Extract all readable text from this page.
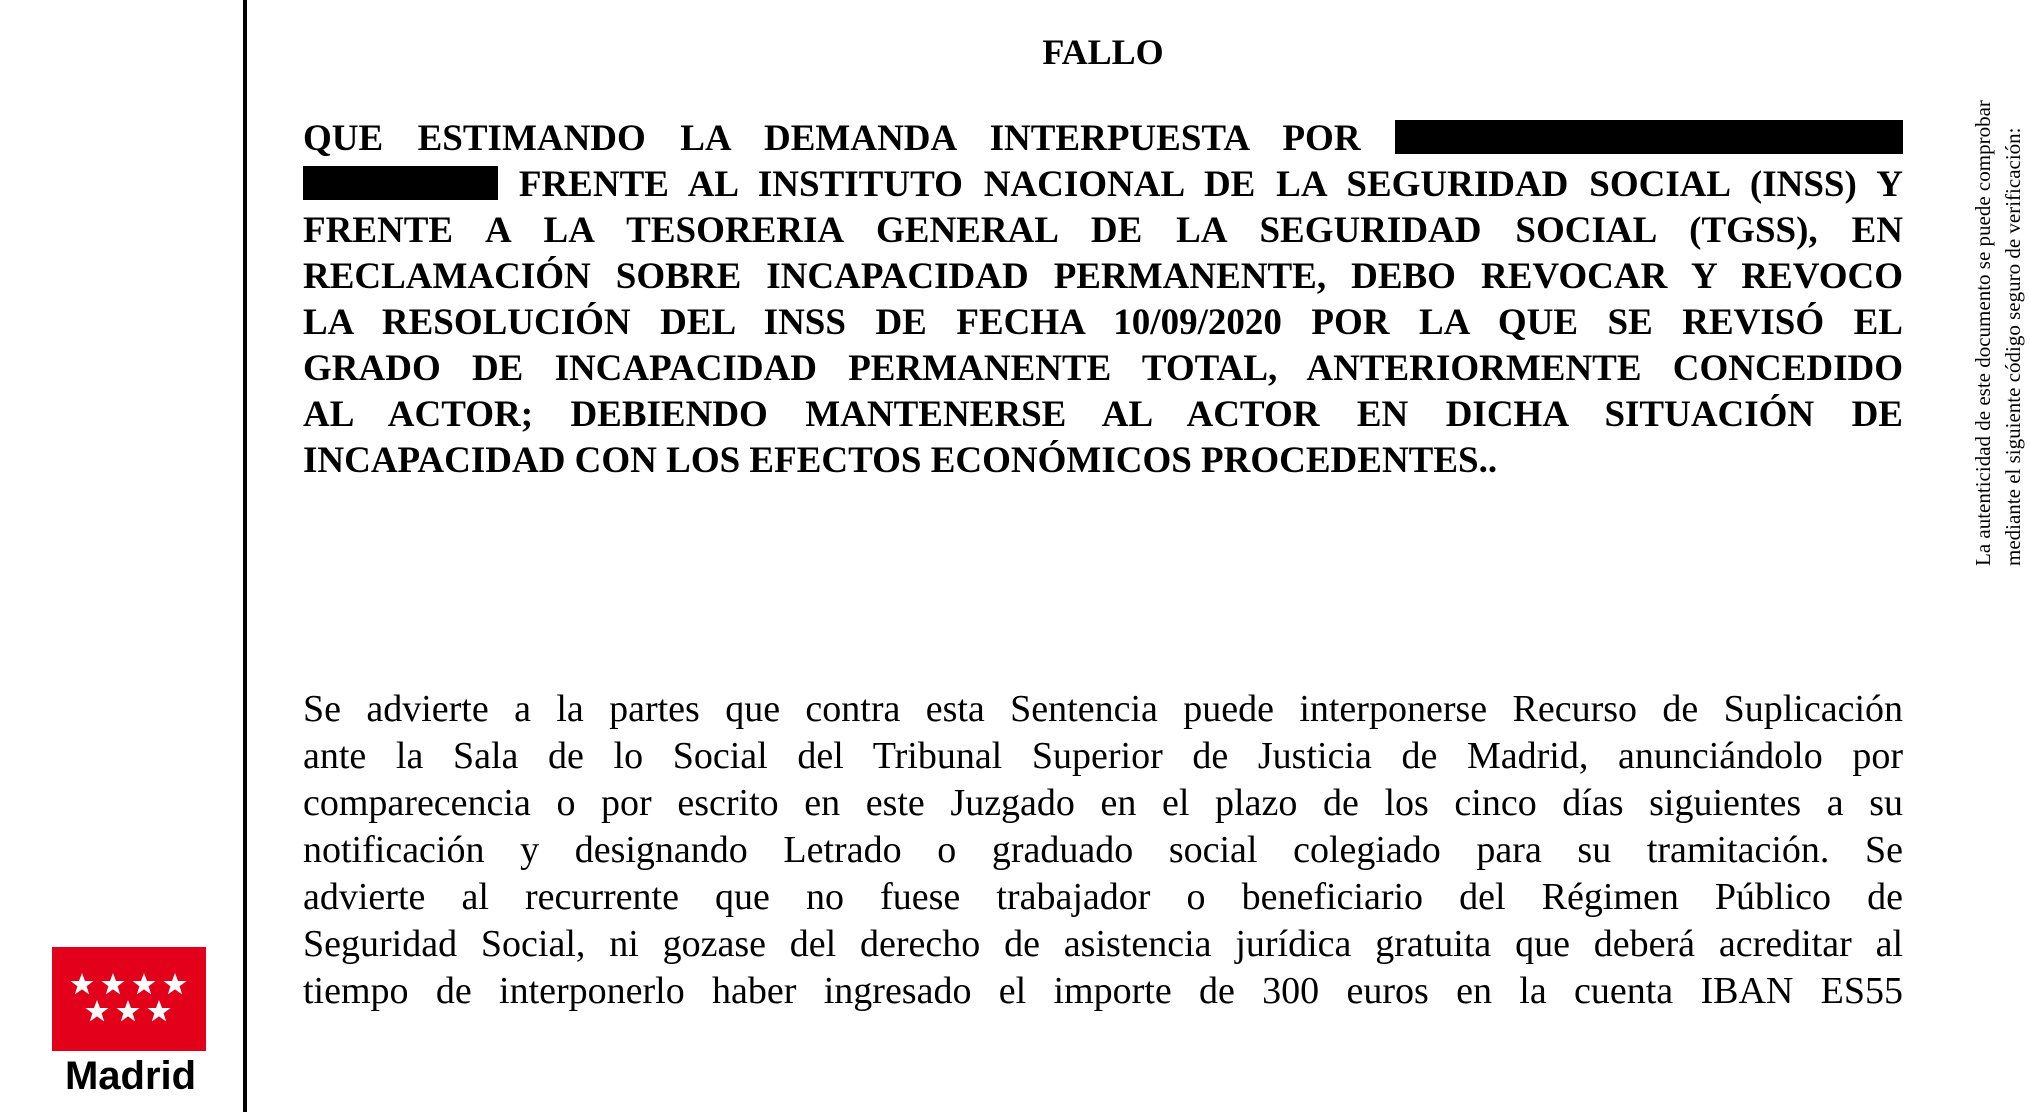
Madrid
FALLO
QUE ESTIMANDO LA DEMANDA INTERPUESTA POR
FRENTE AL INSTITUTO NACIONAL DE LA SEGURIDAD SOCIAL (INSS) Y
FRENTE A LA TESORERIA GENERAL DE LA SEGURIDAD SOCIAL (TGSS), EN
RECLAMACIÓN SOBRE INCAPACIDAD PERMANENTE, DEBO REVOCAR Y REVOCO
LA RESOLUCIÓN DEL INSS DE FECHA 10/09/2020 POR LA QUE SE REVISÓ EL
GRADO DE INCAPACIDAD PERMANENTE TOTAL, ANTERIORMENTE CONCEDIDO
AL ACTOR; DEBIENDO MANTENERSE AL ACTOR EN DICHA SITUACIÓN DE
INCAPACIDAD CON LOS EFECTOS ECONÓMICOS PROCEDENTES..
Se advierte a la partes que contra esta Sentencia puede interponerse Recurso de Suplicación
ante la Sala de lo Social del Tribunal Superior de Justicia de Madrid, anunciándolo por
comparecencia o por escrito en este Juzgado en el plazo de los cinco días siguientes a su
notificación y designando Letrado o graduado social colegiado para su tramitación. Se
advierte al recurrente que no fuese trabajador o beneficiario del Régimen Público de
Seguridad Social, ni gozase del derecho de asistencia jurídica gratuita que deberá acreditar al
tiempo de interponerlo haber ingresado el importe de 300 euros en la cuenta IBAN ES55
La autenticidad de este documento se puede comprobar mediante el siguiente código seguro de verificación:
